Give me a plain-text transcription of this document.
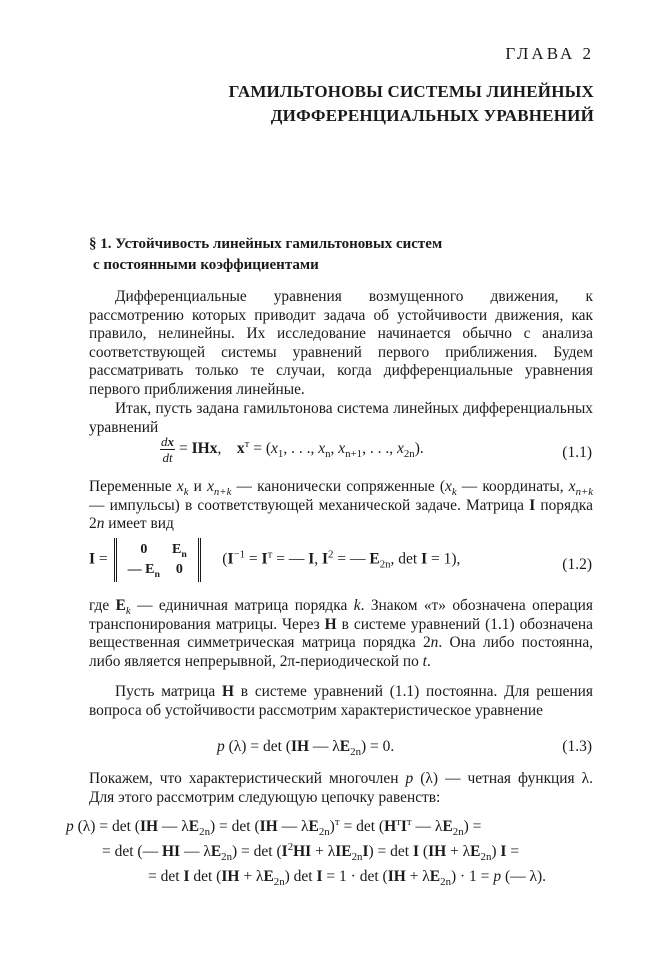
ГЛАВА 2
ГАМИЛЬТОНОВЫ СИСТЕМЫ ЛИНЕЙНЫХ
ДИФФЕРЕНЦИАЛЬНЫХ УРАВНЕНИЙ
§ 1. Устойчивость линейных гамильтоновых систем
с постоянными коэффициентами
Дифференциальные уравнения возмущенного движения, к рассмотрению которых приводит задача об устойчивости движения, как правило, нелинейны. Их исследование начинается обычно с анализа соответствующей системы уравнений первого приближения. Будем рассматривать только те случаи, когда дифференциальные уравнения первого приближения линейные.
Итак, пусть задана гамильтонова система линейных дифференциальных уравнений
$\frac{dx}{dt}$ = IHx,    $x^т = (x_1$, . . ., $x_n$, $x_{n+1}$, . . ., $x_{2n}$).	(1.1)
Переменные $x_k$ и $x_{n+k}$ — канонически сопряженные ($x_k$ — координаты, $x_{n+k}$ — импульсы) в соответствующей механической задаче. Матрица I порядка 2n имеет вид
I =
0	$E_n$
— $E_n$	0
($I^{-1} = I^т$ = — I, $I^2$ = — $E_{2n}$, det I = 1),	(1.2)
где $E_k$ — единичная матрица порядка k. Знаком «т» обозначена операция транспонирования матрицы. Через H в системе уравнений (1.1) обозначена вещественная симметрическая матрица порядка 2n. Она либо постоянна, либо является непрерывной, 2π-периодической по t.
Пусть матрица H в системе уравнений (1.1) постоянна. Для решения вопроса об устойчивости рассмотрим характеристическое уравнение
p (λ) = det (IH — $\lambda E_{2n}) = 0$.	(1.3)
Покажем, что характеристический многочлен p (λ) — четная функция λ. Для этого рассмотрим следующую цепочку равенств:
p (λ) = det (IH — $\lambda E_{2n}) = \det (IH$ — $\lambda E_{2n})^т = \det (H^тI^т$ — $\lambda E_{2n}$) =
= det (— HI — $\lambda E_{2n}) = \det (I^2HI + \lambda IE_{2n}I) = \det I$ $(IH + \lambda E_{2n})$ I =
= det I $\det (IH + \lambda E_{2n})$ $\det I = 1 \cdot \det (IH + \lambda E_{2n}) \cdot 1 = p$ (— λ).
